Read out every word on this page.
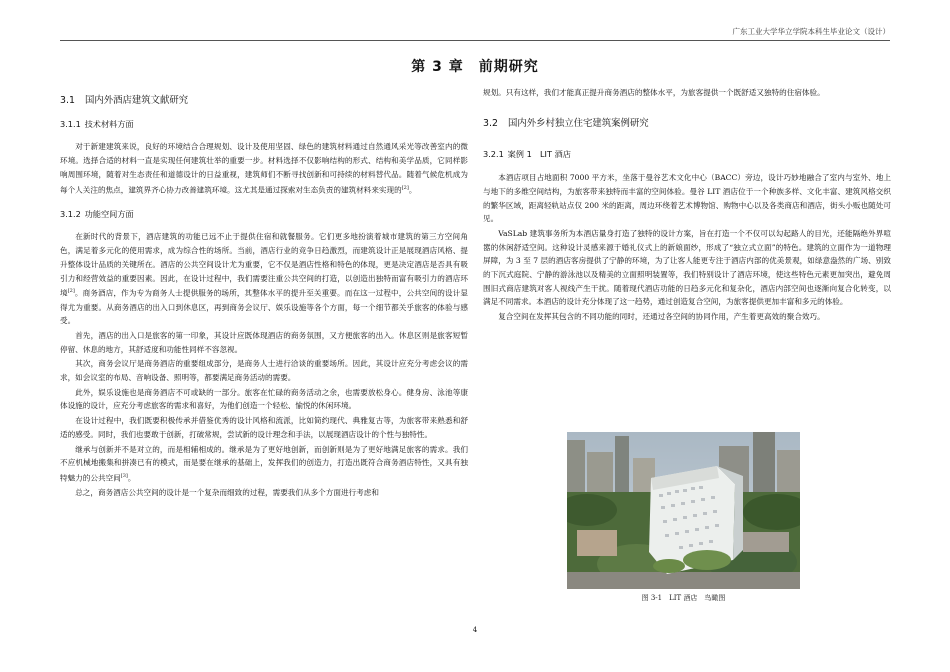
广东工业大学华立学院本科生毕业论文（设计）
第 3 章　前期研究
3.1 国内外酒店建筑文献研究
3.1.1 技术材料方面

对于新建建筑来说，良好的环境结合合理规划、设计及使用坚固、绿色的建筑材料通过自然通风采光等改善室内的微环境。选择合适的材料一直是实现任何建筑壮举的重要一步。材料选择不仅影响结构的形式、结构和美学品质，它同样影响周围环境，随着对生态责任和道德设计的日益重视，建筑师们不断寻找创新和可持续的材料替代品。随着气候危机成为每个人关注的焦点，建筑界齐心协力改善建筑环境。这尤其是通过探索对生态负责的建筑材料来实现的[2]。

3.1.2 功能空间方面

在新时代的背景下，酒店建筑的功能已远不止于提供住宿和就餐服务。它们更多地扮演着城市建筑的第三方空间角色，满足着多元化的使用需求，成为综合性的场所。当前，酒店行业的竞争日趋激烈，而建筑设计正是展现酒店风格、提升整体设计品质的关键所在。酒店的公共空间设计尤为重要，它不仅是酒店性格和特色的体现，更是决定酒店是否具有吸引力和经营效益的重要因素。因此，在设计过程中，我们需要注重公共空间的打造，以创造出独特而富有吸引力的酒店环境[2]。商务酒店，作为专为商务人士提供服务的场所，其整体水平的提升至关重要。而在这一过程中，公共空间的设计显得尤为重要。从商务酒店的出入口到休息区，再到商务会议厅、娱乐设施等各个方面，每一个细节都关乎旅客的体验与感受。

首先，酒店的出入口是旅客的第一印象，其设计应既体现酒店的商务氛围，又方便旅客的出入。休息区则是旅客短暂停留、休息的地方，其舒适度和功能性同样不容忽视。

其次，商务会议厅是商务酒店的重要组成部分，是商务人士进行洽谈的重要场所。因此，其设计应充分考虑会议的需求，如会议室的布局、音响设备、照明等，都要满足商务活动的需要。

此外，娱乐设施也是商务酒店不可或缺的一部分。旅客在忙碌的商务活动之余，也需要放松身心。健身房、泳池等康体设施的设计，应充分考虑旅客的需求和喜好，为他们创造一个轻松、愉悦的休闲环境。

在设计过程中，我们既要积极传承并借鉴优秀的设计风格和流派，比如简约现代、典雅复古等，为旅客带来熟悉和舒适的感受。同时，我们也要敢于创新，打破常规，尝试新的设计理念和手法，以展现酒店设计的个性与独特性。

继承与创新并不是对立的，而是相辅相成的。继承是为了更好地创新，而创新则是为了更好地满足旅客的需求。我们不应机械地搬集和拼凑已有的模式，而是要在继承的基础上，发挥我们的创造力，打造出既符合商务酒店特性，又具有独特魅力的公共空间[3]。

总之，商务酒店公共空间的设计是一个复杂而细致的过程，需要我们从多个方面进行考虑和

规划。只有这样，我们才能真正提升商务酒店的整体水平，为旅客提供一个既舒适又独特的住宿体验。

3.2 国内外乡村独立住宅建筑案例研究
3.2.1 案例 1　LIT 酒店

本酒店项目占地面积 7000 平方米，坐落于曼谷艺术文化中心（BACC）旁边，设计巧妙地融合了室内与室外、地上与地下的多维空间结构，为旅客带来独特而丰富的空间体验。曼谷 LIT 酒店位于一个种族多样、文化丰富、建筑风格交织的繁华区域，距离轻轨站点仅 200 米的距离，周边环绕着艺术博物馆、购物中心以及各类商店和酒店，街头小贩也随处可见。

VaSLab 建筑事务所为本酒店量身打造了独特的设计方案，旨在打造一个不仅可以勾起路人的目光，还能隔绝外界喧嚣的休闲舒适空间。这种设计灵感来源于婚礼仪式上的新娘面纱，形成了“独立式立面”的特色。建筑的立面作为一道物理屏障，为 3 至 7 层的酒店客房提供了宁静的环境，为了让客人能更专注于酒店内部的优美景观，如绿意盎然的广场、别致的下沉式庭院、宁静的游泳池以及精美的立面照明装置等，我们特别设计了酒店环境，使这些特色元素更加突出，避免周围旧式商店建筑对客人视线产生干扰。随着现代酒店功能的日趋多元化和复杂化，酒店内部空间也逐渐向复合化转变，以满足不同需求。本酒店的设计充分体现了这一趋势，通过创造复合空间，为旅客提供更加丰富和多元的体验。

复合空间在发挥其包含的不同功能的同时，还通过各空间的协同作用，产生着更高效的聚合效巧。

图 3-1　LIT 酒店　鸟瞰图
4
